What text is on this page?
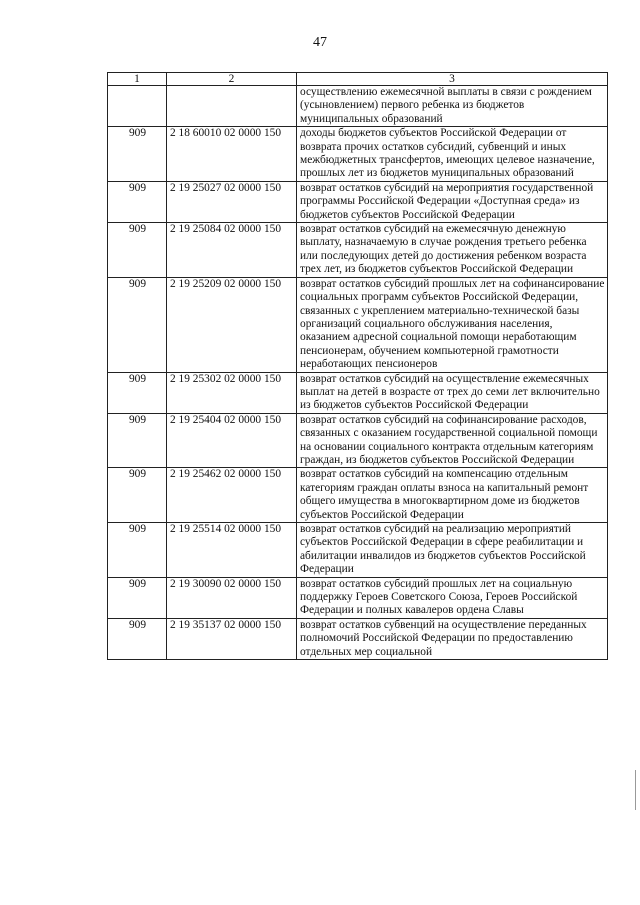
47
1	2	3
		осуществлению ежемесячной выплаты в связи с рождением (усыновлением) первого ребенка из бюджетов муниципальных образований
909	2 18 60010 02 0000 150	доходы бюджетов субъектов Российской Федерации от возврата прочих остатков субсидий, субвенций и иных межбюджетных трансфертов, имеющих целевое назначение, прошлых лет из бюджетов муниципальных образований
909	2 19 25027 02 0000 150	возврат остатков субсидий на мероприятия государственной программы Российской Федерации «Доступная среда» из бюджетов субъектов Российской Федерации
909	2 19 25084 02 0000 150	возврат остатков субсидий на ежемесячную денежную выплату, назначаемую в случае рождения третьего ребенка или последующих детей до достижения ребенком возраста трех лет, из бюджетов субъектов Российской Федерации
909	2 19 25209 02 0000 150	возврат остатков субсидий прошлых лет на софинансирование социальных программ субъектов Российской Федерации, связанных с укреплением материально-технической базы организаций социального обслуживания населения, оказанием адресной социальной помощи неработающим пенсионерам, обучением компьютерной грамотности неработающих пенсионеров
909	2 19 25302 02 0000 150	возврат остатков субсидий на осуществление ежемесячных выплат на детей в возрасте от трех до семи лет включительно из бюджетов субъектов Российской Федерации
909	2 19 25404 02 0000 150	возврат остатков субсидий на софинансирование расходов, связанных с оказанием государственной социальной помощи на основании социального контракта отдельным категориям граждан, из бюджетов субъектов Российской Федерации
909	2 19 25462 02 0000 150	возврат остатков субсидий на компенсацию отдельным категориям граждан оплаты взноса на капитальный ремонт общего имущества в многоквартирном доме из бюджетов субъектов Российской Федерации
909	2 19 25514 02 0000 150	возврат остатков субсидий на реализацию мероприятий субъектов Российской Федерации в сфере реабилитации и абилитации инвалидов из бюджетов субъектов Российской Федерации
909	2 19 30090 02 0000 150	возврат остатков субсидий прошлых лет на социальную поддержку Героев Советского Союза, Героев Российской Федерации и полных кавалеров ордена Славы
909	2 19 35137 02 0000 150	возврат остатков субвенций на осуществление переданных полномочий Российской Федерации по предоставлению отдельных мер социальной
